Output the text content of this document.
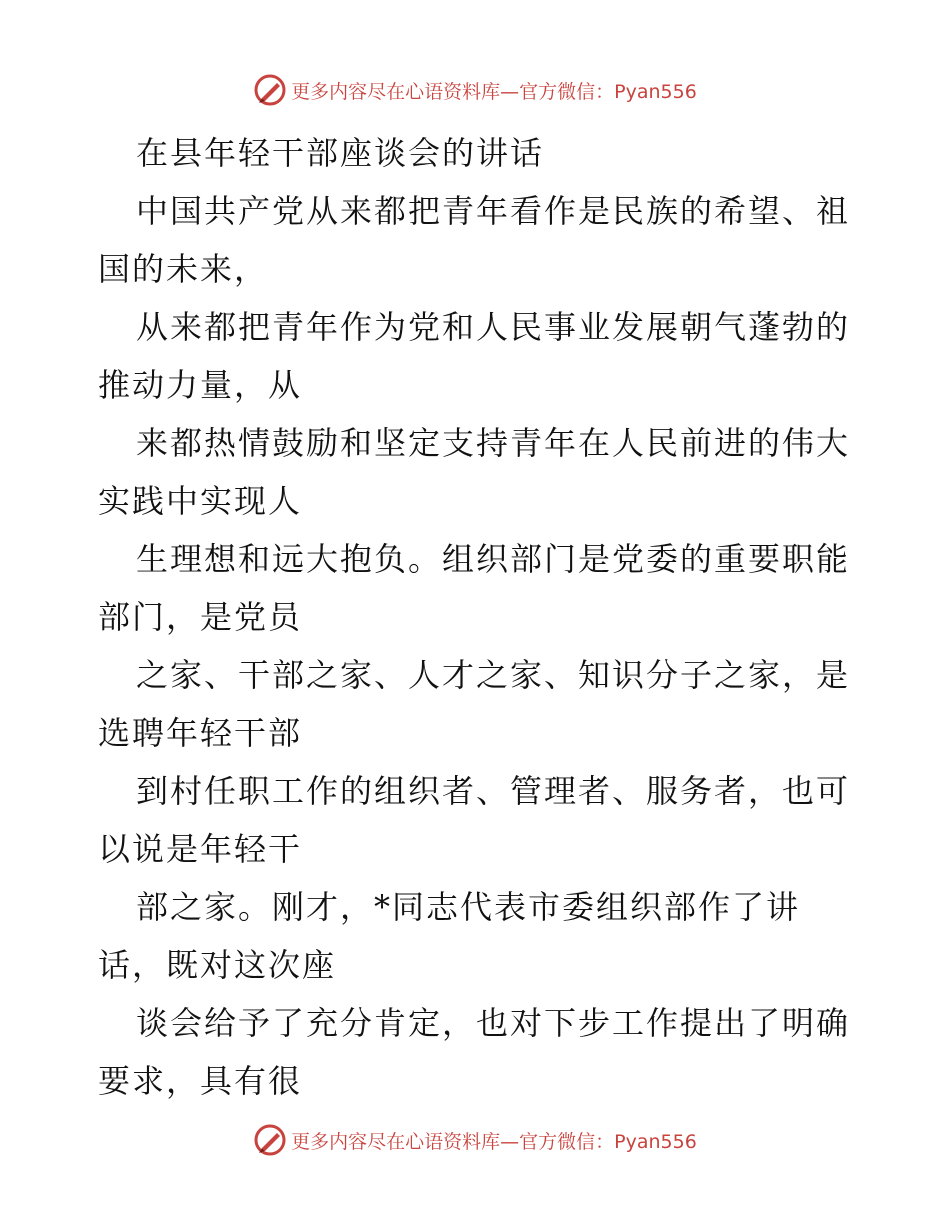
更多内容尽在心语资料库—官方微信：Pyan556
在县年轻干部座谈会的讲话
中国共产党从来都把青年看作是民族的希望、祖
国的未来，
从来都把青年作为党和人民事业发展朝气蓬勃的
推动力量，从
来都热情鼓励和坚定支持青年在人民前进的伟大
实践中实现人
生理想和远大抱负。组织部门是党委的重要职能
部门，是党员
之家、干部之家、人才之家、知识分子之家，是
选聘年轻干部
到村任职工作的组织者、管理者、服务者，也可
以说是年轻干
部之家。刚才，*同志代表市委组织部作了讲
话，既对这次座
谈会给予了充分肯定，也对下步工作提出了明确
要求，具有很
更多内容尽在心语资料库—官方微信：Pyan556
